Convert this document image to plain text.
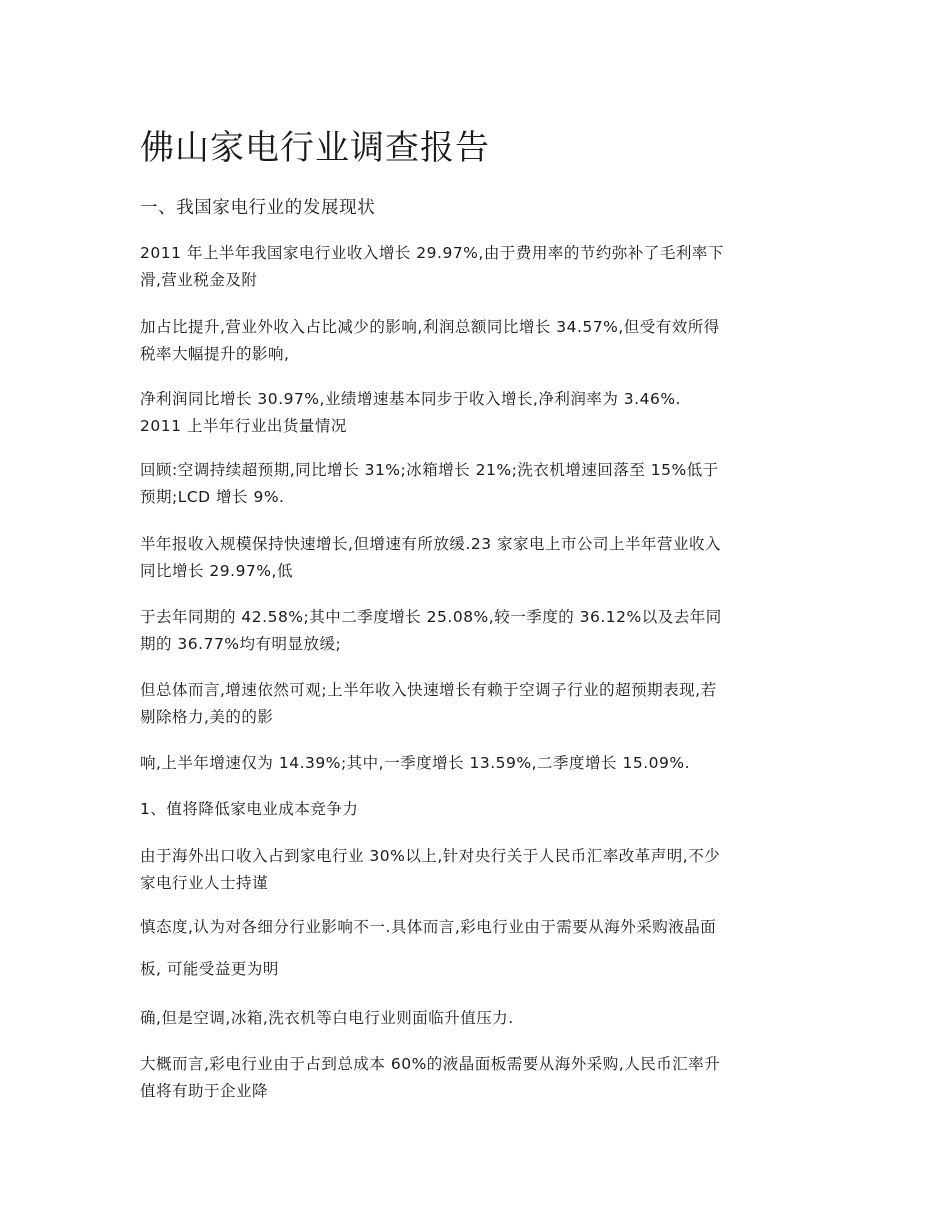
佛山家电行业调查报告
一、我国家电行业的发展现状

2011 年上半年我国家电行业收入增长 29.97%,由于费用率的节约弥补了毛利率下
滑,营业税金及附

加占比提升,营业外收入占比减少的影响,利润总额同比增长 34.57%,但受有效所得
税率大幅提升的影响,

净利润同比增长 30.97%,业绩增速基本同步于收入增长,净利润率为 3.46%.
2011 上半年行业出货量情况

回顾:空调持续超预期,同比增长 31%;冰箱增长 21%;洗衣机增速回落至 15%低于
预期;LCD 增长 9%.

半年报收入规模保持快速增长,但增速有所放缓.23 家家电上市公司上半年营业收入
同比增长 29.97%,低

于去年同期的 42.58%;其中二季度增长 25.08%,较一季度的 36.12%以及去年同
期的 36.77%均有明显放缓;

但总体而言,增速依然可观;上半年收入快速增长有赖于空调子行业的超预期表现,若
剔除格力,美的的影

响,上半年增速仅为 14.39%;其中,一季度增长 13.59%,二季度增长 15.09%.

1、值将降低家电业成本竞争力

由于海外出口收入占到家电行业 30%以上,针对央行关于人民币汇率改革声明,不少
家电行业人士持谨

慎态度,认为对各细分行业影响不一.具体而言,彩电行业由于需要从海外采购液晶面

板, 可能受益更为明

确,但是空调,冰箱,洗衣机等白电行业则面临升值压力.

大概而言,彩电行业由于占到总成本 60%的液晶面板需要从海外采购,人民币汇率升
值将有助于企业降
